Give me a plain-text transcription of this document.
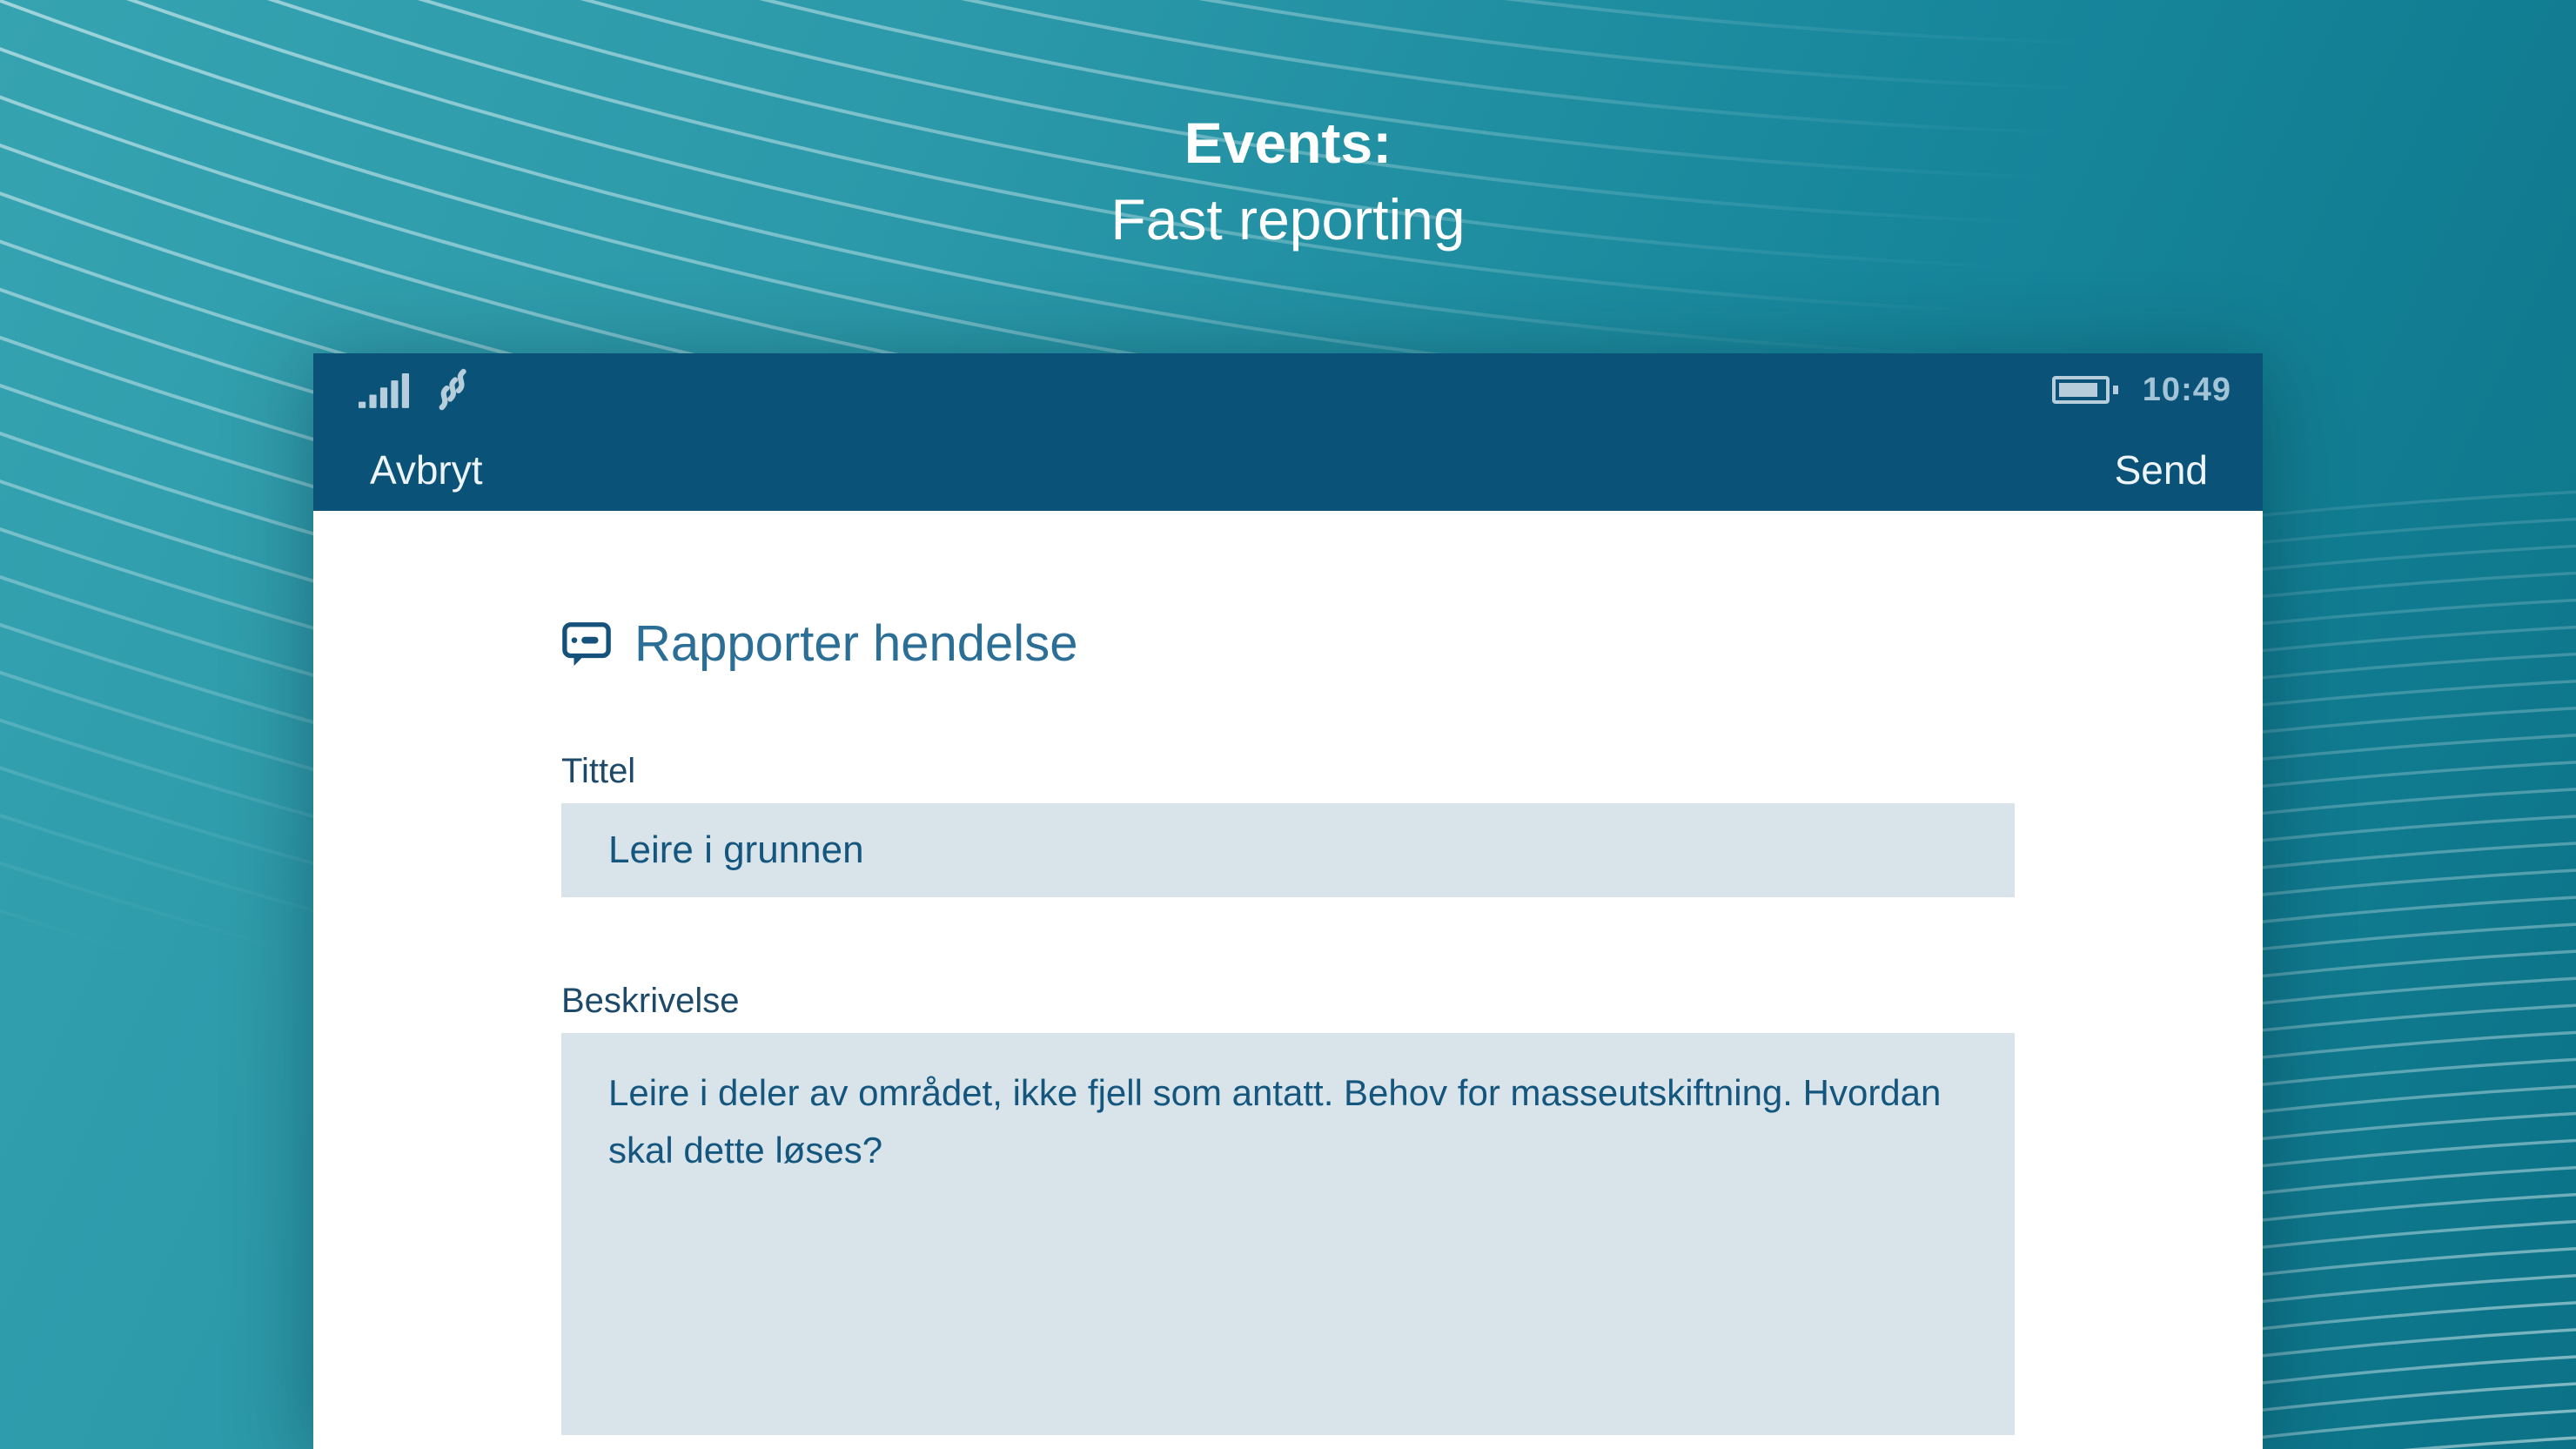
Events:
Fast reporting
10:49
Avbryt	Send
Rapporter hendelse
Tittel
Leire i grunnen
Beskrivelse
Leire i deler av området, ikke fjell som antatt. Behov for masseutskiftning. Hvordan skal dette løses?
